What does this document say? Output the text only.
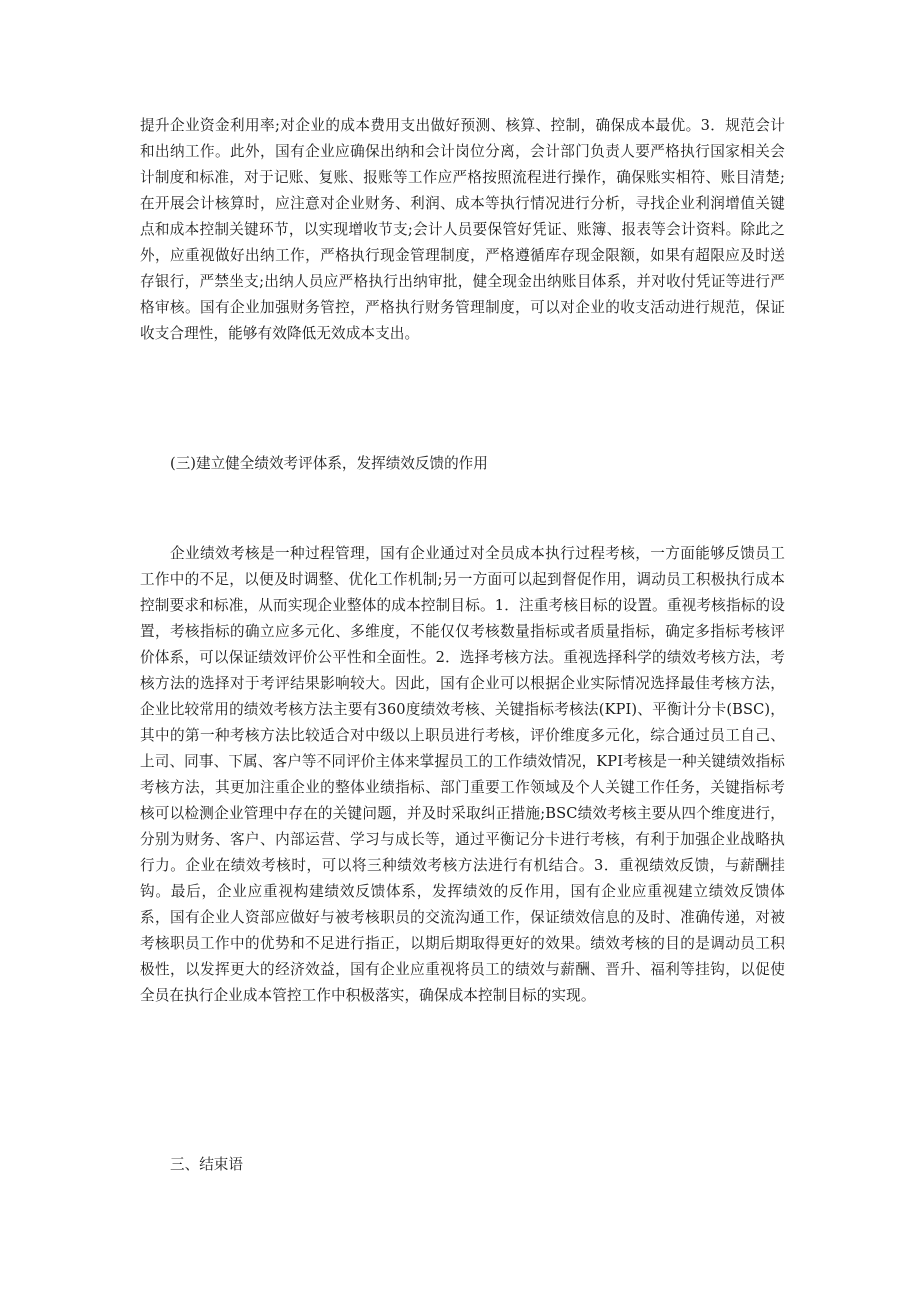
提升企业资金利用率;对企业的成本费用支出做好预测、核算、控制，确保成本最优。3．规范会计和出纳工作。此外，国有企业应确保出纳和会计岗位分离，会计部门负责人要严格执行国家相关会计制度和标准，对于记账、复账、报账等工作应严格按照流程进行操作，确保账实相符、账目清楚;在开展会计核算时，应注意对企业财务、利润、成本等执行情况进行分析，寻找企业利润增值关键点和成本控制关键环节，以实现增收节支;会计人员要保管好凭证、账簿、报表等会计资料。除此之外，应重视做好出纳工作，严格执行现金管理制度，严格遵循库存现金限额，如果有超限应及时送存银行，严禁坐支;出纳人员应严格执行出纳审批，健全现金出纳账目体系，并对收付凭证等进行严格审核。国有企业加强财务管控，严格执行财务管理制度，可以对企业的收支活动进行规范，保证收支合理性，能够有效降低无效成本支出。

(三)建立健全绩效考评体系，发挥绩效反馈的作用

企业绩效考核是一种过程管理，国有企业通过对全员成本执行过程考核，一方面能够反馈员工工作中的不足，以便及时调整、优化工作机制;另一方面可以起到督促作用，调动员工积极执行成本控制要求和标准，从而实现企业整体的成本控制目标。1．注重考核目标的设置。重视考核指标的设置，考核指标的确立应多元化、多维度，不能仅仅考核数量指标或者质量指标，确定多指标考核评价体系，可以保证绩效评价公平性和全面性。2．选择考核方法。重视选择科学的绩效考核方法，考核方法的选择对于考评结果影响较大。因此，国有企业可以根据企业实际情况选择最佳考核方法，企业比较常用的绩效考核方法主要有360度绩效考核、关键指标考核法(KPI)、平衡计分卡(BSC)，其中的第一种考核方法比较适合对中级以上职员进行考核，评价维度多元化，综合通过员工自己、上司、同事、下属、客户等不同评价主体来掌握员工的工作绩效情况，KPI考核是一种关键绩效指标考核方法，其更加注重企业的整体业绩指标、部门重要工作领域及个人关键工作任务，关键指标考核可以检测企业管理中存在的关键问题，并及时采取纠正措施;BSC绩效考核主要从四个维度进行，分别为财务、客户、内部运营、学习与成长等，通过平衡记分卡进行考核，有利于加强企业战略执行力。企业在绩效考核时，可以将三种绩效考核方法进行有机结合。3．重视绩效反馈，与薪酬挂钩。最后，企业应重视构建绩效反馈体系，发挥绩效的反作用，国有企业应重视建立绩效反馈体系，国有企业人资部应做好与被考核职员的交流沟通工作，保证绩效信息的及时、准确传递，对被考核职员工作中的优势和不足进行指正，以期后期取得更好的效果。绩效考核的目的是调动员工积极性，以发挥更大的经济效益，国有企业应重视将员工的绩效与薪酬、晋升、福利等挂钩，以促使全员在执行企业成本管控工作中积极落实，确保成本控制目标的实现。

三、结束语
